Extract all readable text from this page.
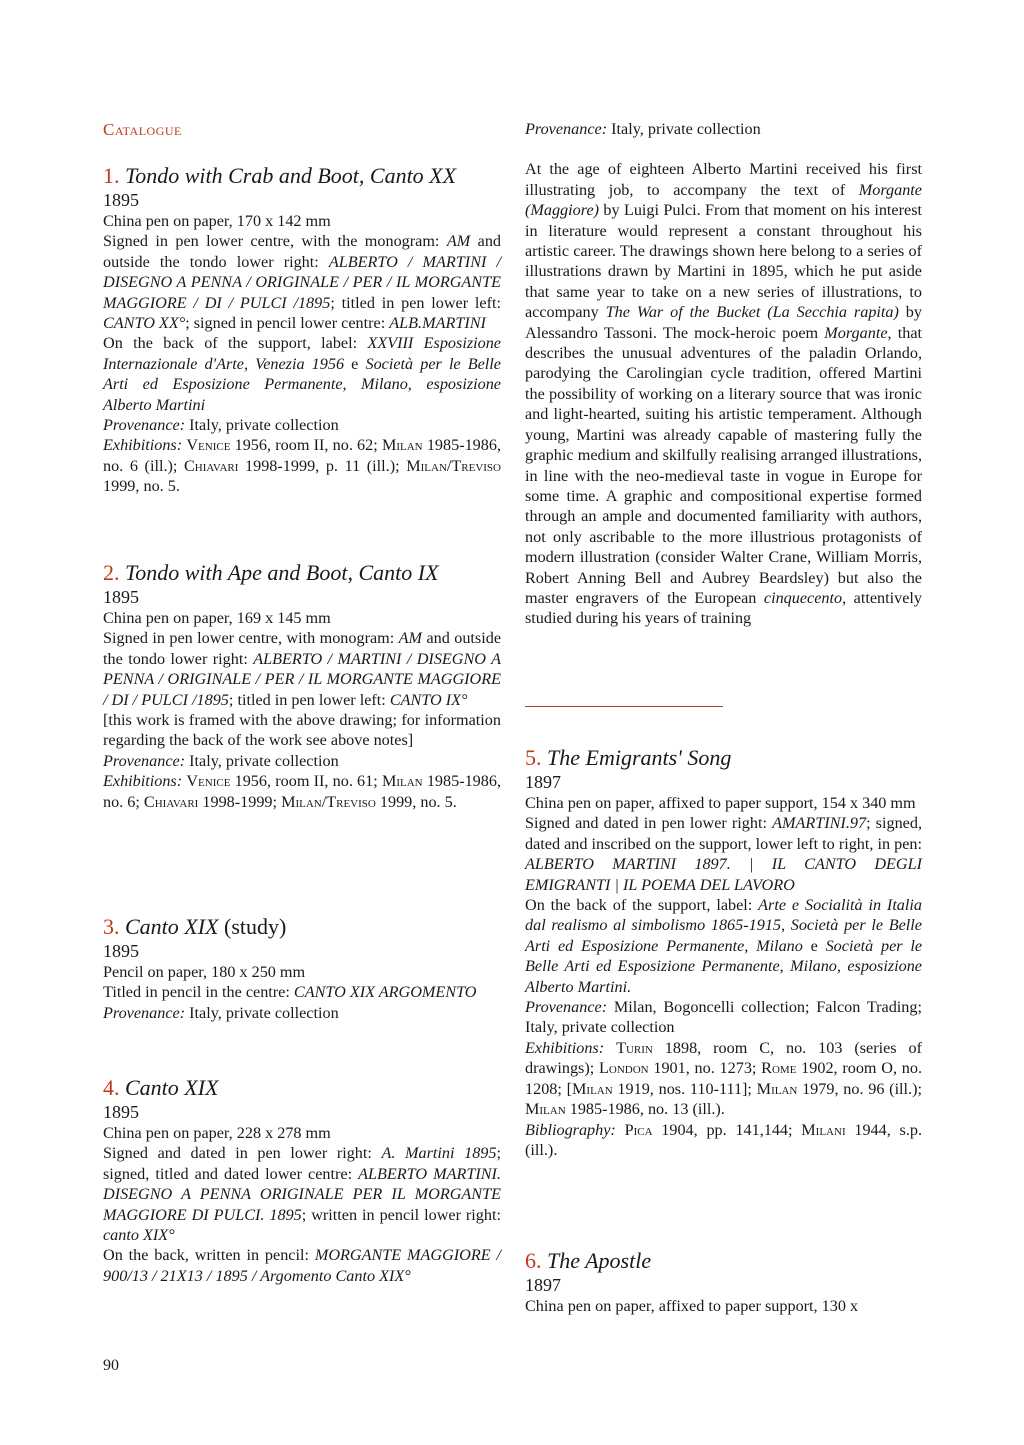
Catalogue

1. Tondo with Crab and Boot, Canto XX

1895

China pen on paper, 170 x 142 mm

Signed in pen lower centre, with the monogram: AM and outside the tondo lower right: ALBERTO / MARTINI / DISEGNO A PENNA / ORIGINALE / PER / IL MORGANTE MAGGIORE / DI / PULCI /1895; titled in pen lower left: CANTO XX°; signed in pencil lower centre: ALB.MARTINI

On the back of the support, label: XXVIII Esposizione Internazionale d'Arte, Venezia 1956 e Società per le Belle Arti ed Esposizione Permanente, Milano, esposizione Alberto Martini

Provenance: Italy, private collection

Exhibitions: Venice 1956, room II, no. 62; Milan 1985-1986, no. 6 (ill.); Chiavari 1998-1999, p. 11 (ill.); Milan/Treviso 1999, no. 5.

2. Tondo with Ape and Boot, Canto IX

1895

China pen on paper, 169 x 145 mm

Signed in pen lower centre, with monogram: AM and outside the tondo lower right: ALBERTO / MARTINI / DISEGNO A PENNA / ORIGINALE / PER / IL MORGANTE MAGGIORE / DI / PULCI /1895; titled in pen lower left: CANTO IX°

[this work is framed with the above drawing; for information regarding the back of the work see above notes]

Provenance: Italy, private collection

Exhibitions: Venice 1956, room II, no. 61; Milan 1985-1986, no. 6; Chiavari 1998-1999; Milan/Treviso 1999, no. 5.

3. Canto XIX (study)

1895

Pencil on paper, 180 x 250 mm

Titled in pencil in the centre: CANTO XIX ARGOMENTO

Provenance: Italy, private collection

4. Canto XIX

1895

China pen on paper, 228 x 278 mm

Signed and dated in pen lower right: A. Martini 1895; signed, titled and dated lower centre: ALBERTO MARTINI. DISEGNO A PENNA ORIGINALE PER IL MORGANTE MAGGIORE DI PULCI. 1895; written in pencil lower right: canto XIX°

On the back, written in pencil: MORGANTE MAGGIORE / 900/13 / 21X13 / 1895 / Argomento Canto XIX°

Provenance: Italy, private collection

At the age of eighteen Alberto Martini received his first illustrating job, to accompany the text of Morgante (Maggiore) by Luigi Pulci. From that moment on his interest in literature would represent a constant throughout his artistic career. The drawings shown here belong to a series of illustrations drawn by Martini in 1895, which he put aside that same year to take on a new series of illustrations, to accompany The War of the Bucket (La Secchia rapita) by Alessandro Tassoni. The mock-heroic poem Morgante, that describes the unusual adventures of the paladin Orlando, parodying the Carolingian cycle tradition, offered Martini the possibility of working on a literary source that was ironic and light-hearted, suiting his artistic temperament. Although young, Martini was already capable of mastering fully the graphic medium and skilfully realising arranged illustrations, in line with the neo-medieval taste in vogue in Europe for some time. A graphic and compositional expertise formed through an ample and documented familiarity with authors, not only ascribable to the more illustrious protagonists of modern illustration (consider Walter Crane, William Morris, Robert Anning Bell and Aubrey Beardsley) but also the master engravers of the European cinquecento, attentively studied during his years of training

5. The Emigrants' Song

1897

China pen on paper, affixed to paper support, 154 x 340 mm

Signed and dated in pen lower right: AMARTINI.97; signed, dated and inscribed on the support, lower left to right, in pen: ALBERTO MARTINI 1897. | IL CANTO DEGLI EMIGRANTI | IL POEMA DEL LAVORO

On the back of the support, label: Arte e Socialità in Italia dal realismo al simbolismo 1865-1915, Società per le Belle Arti ed Esposizione Permanente, Milano e Società per le Belle Arti ed Esposizione Permanente, Milano, esposizione Alberto Martini.

Provenance: Milan, Bogoncelli collection; Falcon Trading; Italy, private collection

Exhibitions: Turin 1898, room C, no. 103 (series of drawings); London 1901, no. 1273; Rome 1902, room O, no. 1208; [Milan 1919, nos. 110-111]; Milan 1979, no. 96 (ill.); Milan 1985-1986, no. 13 (ill.).

Bibliography: Pica 1904, pp. 141,144; Milani 1944, s.p. (ill.).

6. The Apostle

1897

China pen on paper, affixed to paper support, 130 x

90
